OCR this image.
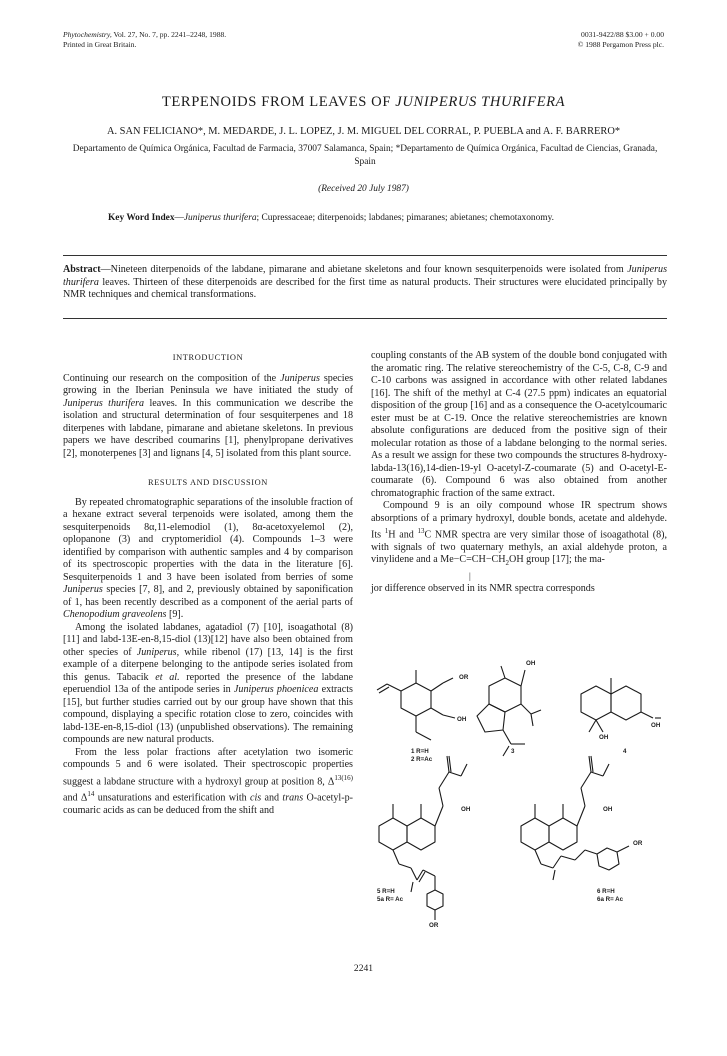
Phytochemistry, Vol. 27, No. 7, pp. 2241–2248, 1988.
Printed in Great Britain.
0031-9422/88 $3.00 + 0.00
© 1988 Pergamon Press plc.
TERPENOIDS FROM LEAVES OF JUNIPERUS THURIFERA
A. SAN FELICIANO*, M. MEDARDE, J. L. LOPEZ, J. M. MIGUEL DEL CORRAL, P. PUEBLA and A. F. BARRERO*
Departamento de Química Orgánica, Facultad de Farmacia, 37007 Salamanca, Spain; *Departamento de Química Orgánica, Facultad de Ciencias, Granada, Spain
(Received 20 July 1987)
Key Word Index—Juniperus thurifera; Cupressaceae; diterpenoids; labdanes; pimaranes; abietanes; chemotaxonomy.
Abstract—Nineteen diterpenoids of the labdane, pimarane and abietane skeletons and four known sesquiterpenoids were isolated from Juniperus thurifera leaves. Thirteen of these diterpenoids are described for the first time as natural products. Their structures were elucidated principally by NMR techniques and chemical transformations.
INTRODUCTION

Continuing our research on the composition of the Juniperus species growing in the Iberian Peninsula we have initiated the study of Juniperus thurifera leaves. In this communication we describe the isolation and structural determination of four sesquiterpenes and 18 diterpenes with labdane, pimarane and abietane skeletons. In previous papers we have described coumarins [1], phenylpropane derivatives [2], monoterpenes [3] and lignans [4, 5] isolated from this plant source.

RESULTS AND DISCUSSION

By repeated chromatographic separations of the insoluble fraction of a hexane extract several terpenoids were isolated, among them the sesquiterpenoids 8α,11-elemodiol (1), 8α-acetoxyelemol (2), oplopanone (3) and cryptomeridiol (4). Compounds 1–3 were identified by comparison with authentic samples and 4 by comparison of its spectroscopic properties with the data in the literature [6]. Sesquiterpenoids 1 and 3 have been isolated from berries of some Juniperus species [7, 8], and 2, previously obtained by saponification of 1, has been recently described as a component of the aerial parts of Chenopodium graveolens [9].

Among the isolated labdanes, agatadiol (7) [10], isoagathotal (8) [11] and labd-13E-en-8,15-diol (13)[12] have also been obtained from other species of Juniperus, while ribenol (17) [13, 14] is the first example of a diterpene belonging to the antipode series isolated from this genus. Tabacik et al. reported the presence of the labdane eperuendiol 13a of the antipode series in Juniperus phoenicea extracts [15], but further studies carried out by our group have shown that this compound, displaying a specific rotation close to zero, coincides with labd-13E-en-8,15-diol (13) (unpublished observations). The remaining compounds are new natural products.

From the less polar fractions after acetylation two isomeric compounds 5 and 6 were isolated. Their spectroscopic properties suggest a labdane structure with a hydroxyl group at position 8, $\Delta^{13(16)}$ and $\Delta^{14}$ unsaturations and esterification with cis and trans O-acetyl-p-coumaric acids as can be deduced from the shift and

coupling constants of the AB system of the double bond conjugated with the aromatic ring. The relative stereochemistry of the C-5, C-8, C-9 and C-10 carbons was assigned in accordance with other related labdanes [16]. The shift of the methyl at C-4 (27.5 ppm) indicates an equatorial disposition of the group [16] and as a consequence the O-acetylcoumaric ester must be at C-19. Once the relative stereochemistries are known absolute configurations are deduced from the positive sign of their molecular rotation as those of a labdane belonging to the normal series. As a result we assign for these two compounds the structures 8-hydroxy-labda-13(16),14-dien-19-yl O-acetyl-Z-coumarate (5) and O-acetyl-E-coumarate (6). Compound 6 was also obtained from another chromatographic fraction of the same extract.

Compound 9 is an oily compound whose IR spectrum shows absorptions of a primary hydroxyl, double bonds, acetate and aldehyde. Its $^1$H and $^{13}$C NMR spectra are very similar those of isoagathotal (8), with signals of two quaternary methyls, an axial aldehyde proton, a vinylidene and a $Me-C=CH-CH_2OH$ group [17]; the ma-

|

jor difference observed in its NMR spectra corresponds

OR
OH
OH
OH
OH
1 R=H
2 R=Ac
3	4
OH	OH
OR
5 R=H
5a R= Ac
OR
6 R=H
6a R= Ac
2241
